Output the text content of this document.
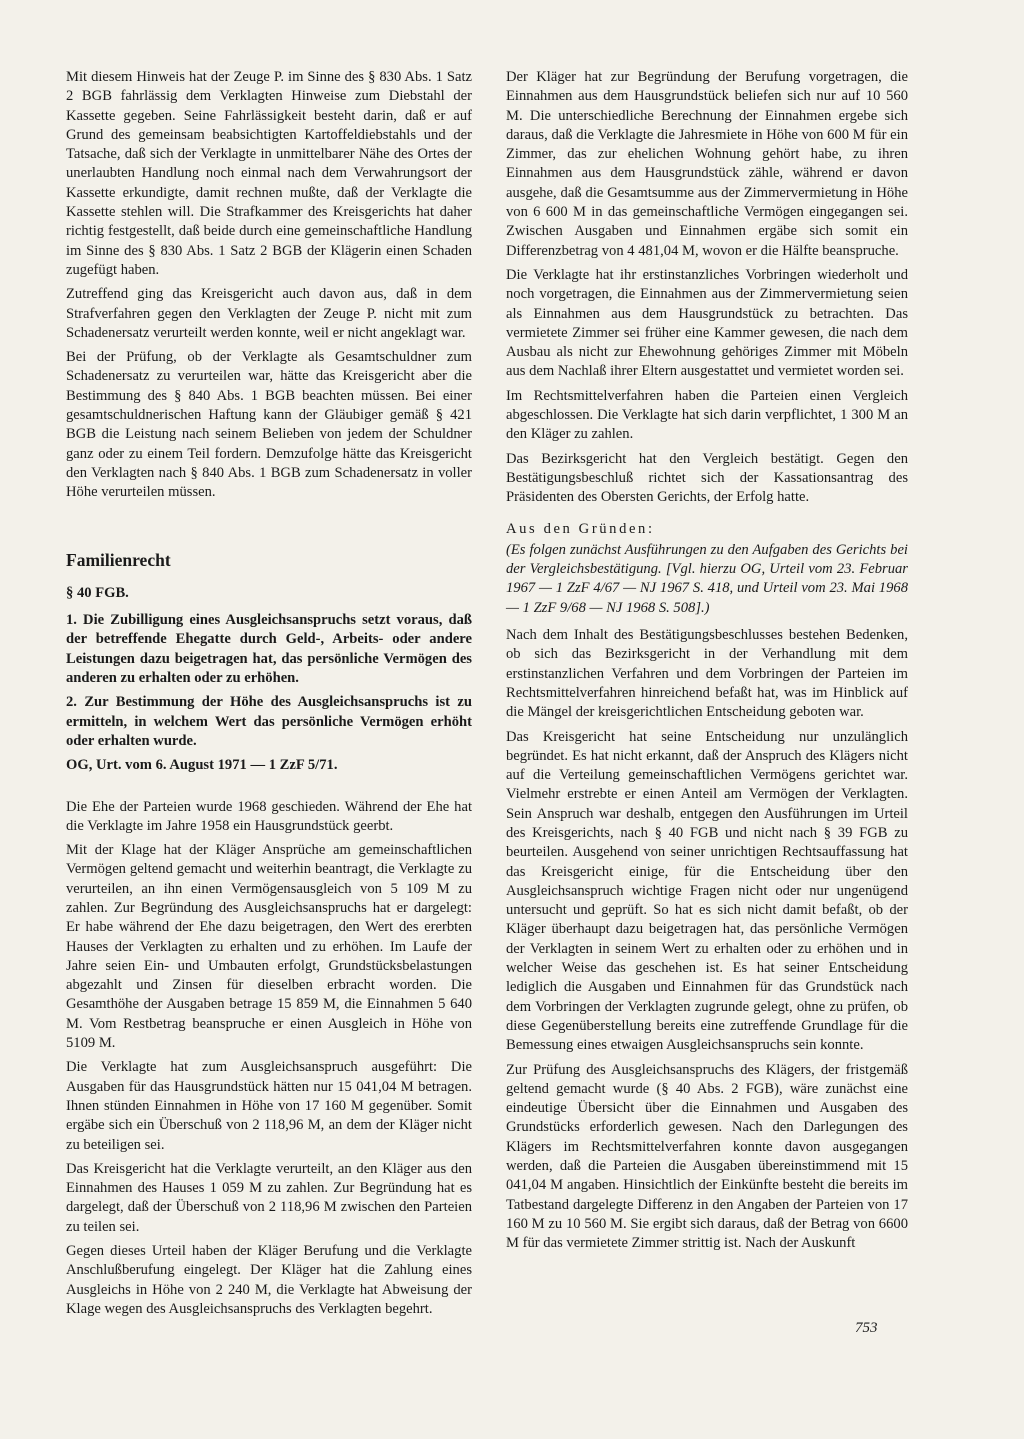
Mit diesem Hinweis hat der Zeuge P. im Sinne des § 830 Abs. 1 Satz 2 BGB fahrlässig dem Verklagten Hinweise zum Diebstahl der Kassette gegeben. Seine Fahrlässigkeit besteht darin, daß er auf Grund des gemeinsam beabsichtigten Kartoffeldiebstahls und der Tatsache, daß sich der Verklagte in unmittelbarer Nähe des Ortes der unerlaubten Handlung noch einmal nach dem Verwahrungsort der Kassette erkundigte, damit rechnen mußte, daß der Verklagte die Kassette stehlen will. Die Strafkammer des Kreisgerichts hat daher richtig festgestellt, daß beide durch eine gemeinschaftliche Handlung im Sinne des § 830 Abs. 1 Satz 2 BGB der Klägerin einen Schaden zugefügt haben.

Zutreffend ging das Kreisgericht auch davon aus, daß in dem Strafverfahren gegen den Verklagten der Zeuge P. nicht mit zum Schadenersatz verurteilt werden konnte, weil er nicht angeklagt war.

Bei der Prüfung, ob der Verklagte als Gesamtschuldner zum Schadenersatz zu verurteilen war, hätte das Kreisgericht aber die Bestimmung des § 840 Abs. 1 BGB beachten müssen. Bei einer gesamtschuldnerischen Haftung kann der Gläubiger gemäß § 421 BGB die Leistung nach seinem Belieben von jedem der Schuldner ganz oder zu einem Teil fordern. Demzufolge hätte das Kreisgericht den Verklagten nach § 840 Abs. 1 BGB zum Schadenersatz in voller Höhe verurteilen müssen.

Familienrecht
§ 40 FGB.

1. Die Zubilligung eines Ausgleichsanspruchs setzt voraus, daß der betreffende Ehegatte durch Geld-, Arbeits- oder andere Leistungen dazu beigetragen hat, das persönliche Vermögen des anderen zu erhalten oder zu erhöhen.

2. Zur Bestimmung der Höhe des Ausgleichsanspruchs ist zu ermitteln, in welchem Wert das persönliche Vermögen erhöht oder erhalten wurde.

OG, Urt. vom 6. August 1971 — 1 ZzF 5/71.

Die Ehe der Parteien wurde 1968 geschieden. Während der Ehe hat die Verklagte im Jahre 1958 ein Hausgrundstück geerbt.

Mit der Klage hat der Kläger Ansprüche am gemeinschaftlichen Vermögen geltend gemacht und weiterhin beantragt, die Verklagte zu verurteilen, an ihn einen Vermögensausgleich von 5 109 M zu zahlen. Zur Begründung des Ausgleichsanspruchs hat er dargelegt: Er habe während der Ehe dazu beigetragen, den Wert des ererbten Hauses der Verklagten zu erhalten und zu erhöhen. Im Laufe der Jahre seien Ein- und Umbauten erfolgt, Grundstücksbelastungen abgezahlt und Zinsen für dieselben erbracht worden. Die Gesamthöhe der Ausgaben betrage 15 859 M, die Einnahmen 5 640 M. Vom Restbetrag beanspruche er einen Ausgleich in Höhe von 5109 M.

Die Verklagte hat zum Ausgleichsanspruch ausgeführt: Die Ausgaben für das Hausgrundstück hätten nur 15 041,04 M betragen. Ihnen stünden Einnahmen in Höhe von 17 160 M gegenüber. Somit ergäbe sich ein Überschuß von 2 118,96 M, an dem der Kläger nicht zu beteiligen sei.

Das Kreisgericht hat die Verklagte verurteilt, an den Kläger aus den Einnahmen des Hauses 1 059 M zu zahlen. Zur Begründung hat es dargelegt, daß der Überschuß von 2 118,96 M zwischen den Parteien zu teilen sei.

Gegen dieses Urteil haben der Kläger Berufung und die Verklagte Anschlußberufung eingelegt. Der Kläger hat die Zahlung eines Ausgleichs in Höhe von 2 240 M, die Verklagte hat Abweisung der Klage wegen des Ausgleichsanspruchs des Verklagten begehrt.

Der Kläger hat zur Begründung der Berufung vorgetragen, die Einnahmen aus dem Hausgrundstück beliefen sich nur auf 10 560 M. Die unterschiedliche Berechnung der Einnahmen ergebe sich daraus, daß die Verklagte die Jahresmiete in Höhe von 600 M für ein Zimmer, das zur ehelichen Wohnung gehört habe, zu ihren Einnahmen aus dem Hausgrundstück zähle, während er davon ausgehe, daß die Gesamtsumme aus der Zimmervermietung in Höhe von 6 600 M in das gemeinschaftliche Vermögen eingegangen sei. Zwischen Ausgaben und Einnahmen ergäbe sich somit ein Differenzbetrag von 4 481,04 M, wovon er die Hälfte beanspruche.

Die Verklagte hat ihr erstinstanzliches Vorbringen wiederholt und noch vorgetragen, die Einnahmen aus der Zimmervermietung seien als Einnahmen aus dem Hausgrundstück zu betrachten. Das vermietete Zimmer sei früher eine Kammer gewesen, die nach dem Ausbau als nicht zur Ehewohnung gehöriges Zimmer mit Möbeln aus dem Nachlaß ihrer Eltern ausgestattet und vermietet worden sei.

Im Rechtsmittelverfahren haben die Parteien einen Vergleich abgeschlossen. Die Verklagte hat sich darin verpflichtet, 1 300 M an den Kläger zu zahlen.

Das Bezirksgericht hat den Vergleich bestätigt. Gegen den Bestätigungsbeschluß richtet sich der Kassationsantrag des Präsidenten des Obersten Gerichts, der Erfolg hatte.

Aus den Gründen:

(Es folgen zunächst Ausführungen zu den Aufgaben des Gerichts bei der Vergleichsbestätigung. [Vgl. hierzu OG, Urteil vom 23. Februar 1967 — 1 ZzF 4/67 — NJ 1967 S. 418, und Urteil vom 23. Mai 1968 — 1 ZzF 9/68 — NJ 1968 S. 508].)

Nach dem Inhalt des Bestätigungsbeschlusses bestehen Bedenken, ob sich das Bezirksgericht in der Verhandlung mit dem erstinstanzlichen Verfahren und dem Vorbringen der Parteien im Rechtsmittelverfahren hinreichend befaßt hat, was im Hinblick auf die Mängel der kreisgerichtlichen Entscheidung geboten war.

Das Kreisgericht hat seine Entscheidung nur unzulänglich begründet. Es hat nicht erkannt, daß der Anspruch des Klägers nicht auf die Verteilung gemeinschaftlichen Vermögens gerichtet war. Vielmehr erstrebte er einen Anteil am Vermögen der Verklagten. Sein Anspruch war deshalb, entgegen den Ausführungen im Urteil des Kreisgerichts, nach § 40 FGB und nicht nach § 39 FGB zu beurteilen. Ausgehend von seiner unrichtigen Rechtsauffassung hat das Kreisgericht einige, für die Entscheidung über den Ausgleichsanspruch wichtige Fragen nicht oder nur ungenügend untersucht und geprüft. So hat es sich nicht damit befaßt, ob der Kläger überhaupt dazu beigetragen hat, das persönliche Vermögen der Verklagten in seinem Wert zu erhalten oder zu erhöhen und in welcher Weise das geschehen ist. Es hat seiner Entscheidung lediglich die Ausgaben und Einnahmen für das Grundstück nach dem Vorbringen der Verklagten zugrunde gelegt, ohne zu prüfen, ob diese Gegenüberstellung bereits eine zutreffende Grundlage für die Bemessung eines etwaigen Ausgleichsanspruchs sein konnte.

Zur Prüfung des Ausgleichsanspruchs des Klägers, der fristgemäß geltend gemacht wurde (§ 40 Abs. 2 FGB), wäre zunächst eine eindeutige Übersicht über die Einnahmen und Ausgaben des Grundstücks erforderlich gewesen. Nach den Darlegungen des Klägers im Rechtsmittelverfahren konnte davon ausgegangen werden, daß die Parteien die Ausgaben übereinstimmend mit 15 041,04 M angaben. Hinsichtlich der Einkünfte besteht die bereits im Tatbestand dargelegte Differenz in den Angaben der Parteien von 17 160 M zu 10 560 M. Sie ergibt sich daraus, daß der Betrag von 6600 M für das vermietete Zimmer strittig ist. Nach der Auskunft

753
